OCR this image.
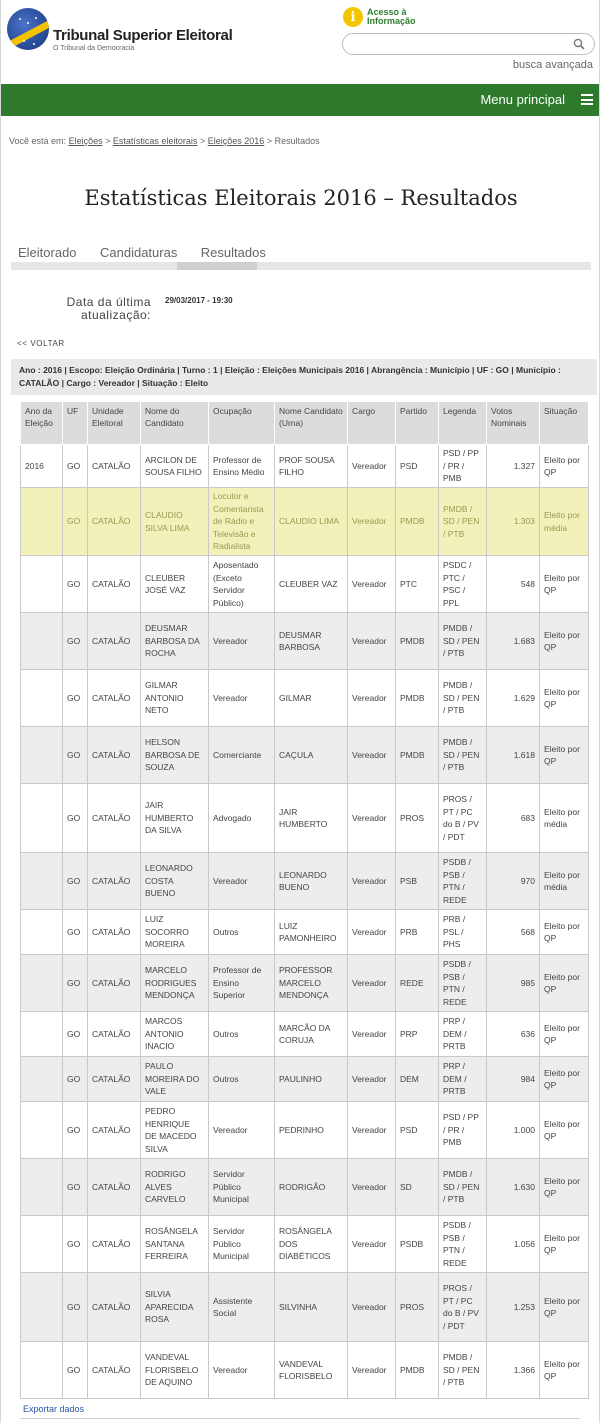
Tribunal Superior Eleitoral
O Tribunal da Democracia
i	Acesso à
Informação
busca avançada
Menu principal
Você está em: Eleições > Estatísticas eleitorais > Eleições 2016 > Resultados
Estatísticas Eleitorais 2016 – Resultados
Eleitorado Candidaturas Resultados
Data da última
atualização:
29/03/2017 - 19:30
<< VOLTAR
Ano : 2016 | Escopo: Eleição Ordinária | Turno : 1 | Eleição : Eleições Municipais 2016 | Abrangência : Município | UF : GO | Município : CATALÃO | Cargo : Vereador | Situação : Eleito
Ano da Eleição	UF	Unidade Eleitoral	Nome do Candidato	Ocupação	Nome Candidato (Urna)	Cargo	Partido	Legenda	Votos Nominais	Situação
2016	GO	CATALÃO	ARCILON DE SOUSA FILHO	Professor de Ensino Médio	PROF SOUSA FILHO	Vereador	PSD	PSD / PP / PR / PMB	1.327	Eleito por QP
	GO	CATALÃO	CLAUDIO SILVA LIMA	Locutor e Comentarista de Rádio e Televisão e Radialista	CLAUDIO LIMA	Vereador	PMDB	PMDB / SD / PEN / PTB	1.303	Eleito por média
	GO	CATALÃO	CLEUBER JOSÉ VAZ	Aposentado (Exceto Servidor Público)	CLEUBER VAZ	Vereador	PTC	PSDC / PTC / PSC / PPL	548	Eleito por QP
	GO	CATALÃO	DEUSMAR BARBOSA DA ROCHA	Vereador	DEUSMAR BARBOSA	Vereador	PMDB	PMDB / SD / PEN / PTB	1.683	Eleito por QP
	GO	CATALÃO	GILMAR ANTONIO NETO	Vereador	GILMAR	Vereador	PMDB	PMDB / SD / PEN / PTB	1.629	Eleito por QP
	GO	CATALÃO	HELSON BARBOSA DE SOUZA	Comerciante	CAÇULA	Vereador	PMDB	PMDB / SD / PEN / PTB	1.618	Eleito por QP
	GO	CATALÃO	JAIR HUMBERTO DA SILVA	Advogado	JAIR HUMBERTO	Vereador	PROS	PROS / PT / PC do B / PV / PDT	683	Eleito por média
	GO	CATALÃO	LEONARDO COSTA BUENO	Vereador	LEONARDO BUENO	Vereador	PSB	PSDB / PSB / PTN / REDE	970	Eleito por média
	GO	CATALÃO	LUIZ SOCORRO MOREIRA	Outros	LUIZ PAMONHEIRO	Vereador	PRB	PRB / PSL / PHS	568	Eleito por QP
	GO	CATALÃO	MARCELO RODRIGUES MENDONÇA	Professor de Ensino Superior	PROFESSOR MARCELO MENDONÇA	Vereador	REDE	PSDB / PSB / PTN / REDE	985	Eleito por QP
	GO	CATALÃO	MARCOS ANTONIO INACIO	Outros	MARCÃO DA CORUJA	Vereador	PRP	PRP / DEM / PRTB	636	Eleito por QP
	GO	CATALÃO	PAULO MOREIRA DO VALE	Outros	PAULINHO	Vereador	DEM	PRP / DEM / PRTB	984	Eleito por QP
	GO	CATALÃO	PEDRO HENRIQUE DE MACEDO SILVA	Vereador	PEDRINHO	Vereador	PSD	PSD / PP / PR / PMB	1.000	Eleito por QP
	GO	CATALÃO	RODRIGO ALVES CARVELO	Servidor Público Municipal	RODRIGÃO	Vereador	SD	PMDB / SD / PEN / PTB	1.630	Eleito por QP
	GO	CATALÃO	ROSÂNGELA SANTANA FERREIRA	Servidor Público Municipal	ROSÂNGELA DOS DIABÉTICOS	Vereador	PSDB	PSDB / PSB / PTN / REDE	1.056	Eleito por QP
	GO	CATALÃO	SILVIA APARECIDA ROSA	Assistente Social	SILVINHA	Vereador	PROS	PROS / PT / PC do B / PV / PDT	1.253	Eleito por QP
	GO	CATALÃO	VANDEVAL FLORISBELO DE AQUINO	Vereador	VANDEVAL FLORISBELO	Vereador	PMDB	PMDB / SD / PEN / PTB	1.366	Eleito por QP
Exportar dados
